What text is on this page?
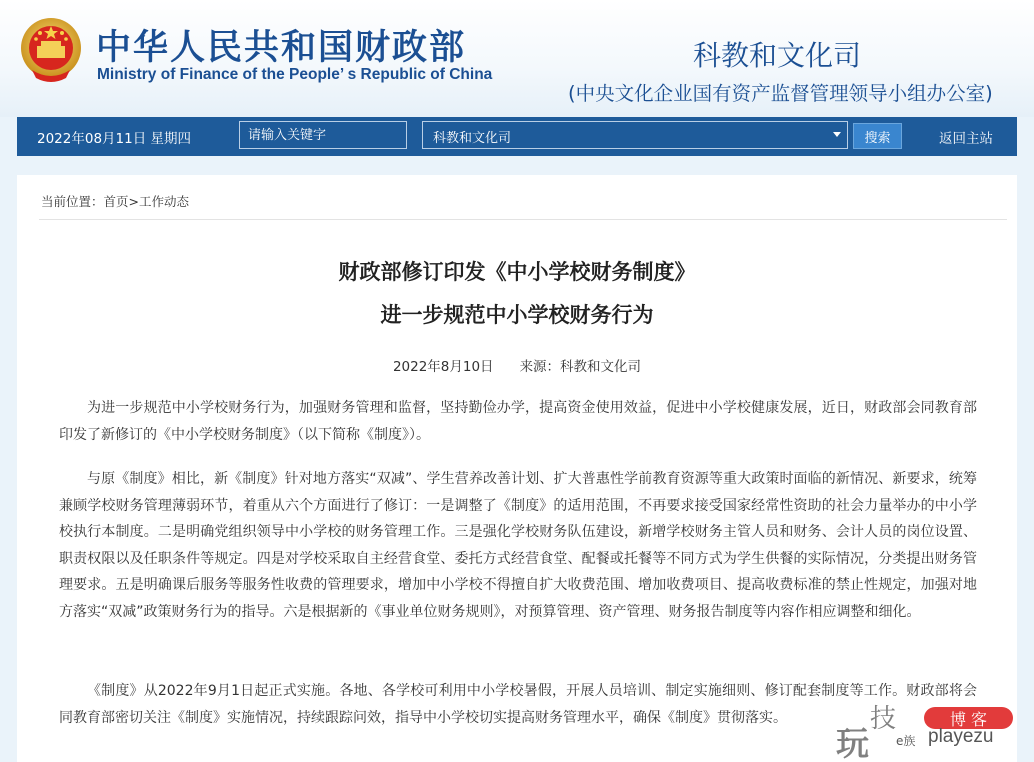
中华人民共和国财政部
Ministry of Finance of the People’ s Republic of China
科教和文化司
(中央文化企业国有资产监督管理领导小组办公室)
2022年08月11日 星期四
请输入关键字	科教和文化司	搜索	返回主站
当前位置：首页>工作动态
财政部修订印发《中小学校财务制度》
进一步规范中小学校财务行为
2022年8月10日 来源：科教和文化司

为进一步规范中小学校财务行为，加强财务管理和监督，坚持勤俭办学，提高资金使用效益，促进中小学校健康发展，近日，财政部会同教育部印发了新修订的《中小学校财务制度》（以下简称《制度》）。

与原《制度》相比，新《制度》针对地方落实“双减”、学生营养改善计划、扩大普惠性学前教育资源等重大政策时面临的新情况、新要求，统筹兼顾学校财务管理薄弱环节，着重从六个方面进行了修订：一是调整了《制度》的适用范围，不再要求接受国家经常性资助的社会力量举办的中小学校执行本制度。二是明确党组织领导中小学校的财务管理工作。三是强化学校财务队伍建设，新增学校财务主管人员和财务、会计人员的岗位设置、职责权限以及任职条件等规定。四是对学校采取自主经营食堂、委托方式经营食堂、配餐或托餐等不同方式为学生供餐的实际情况，分类提出财务管理要求。五是明确课后服务等服务性收费的管理要求，增加中小学校不得擅自扩大收费范围、增加收费项目、提高收费标准的禁止性规定，加强对地方落实“双减”政策财务行为的指导。六是根据新的《事业单位财务规则》，对预算管理、资产管理、财务报告制度等内容作相应调整和细化。

《制度》从2022年9月1日起正式实施。各地、各学校可利用中小学校暑假，开展人员培训、制定实施细则、修订配套制度等工作。财政部将会同教育部密切关注《制度》实施情况，持续跟踪问效，指导中小学校切实提高财务管理水平，确保《制度》贯彻落实。

玩
技	博 客
e族 playezu
